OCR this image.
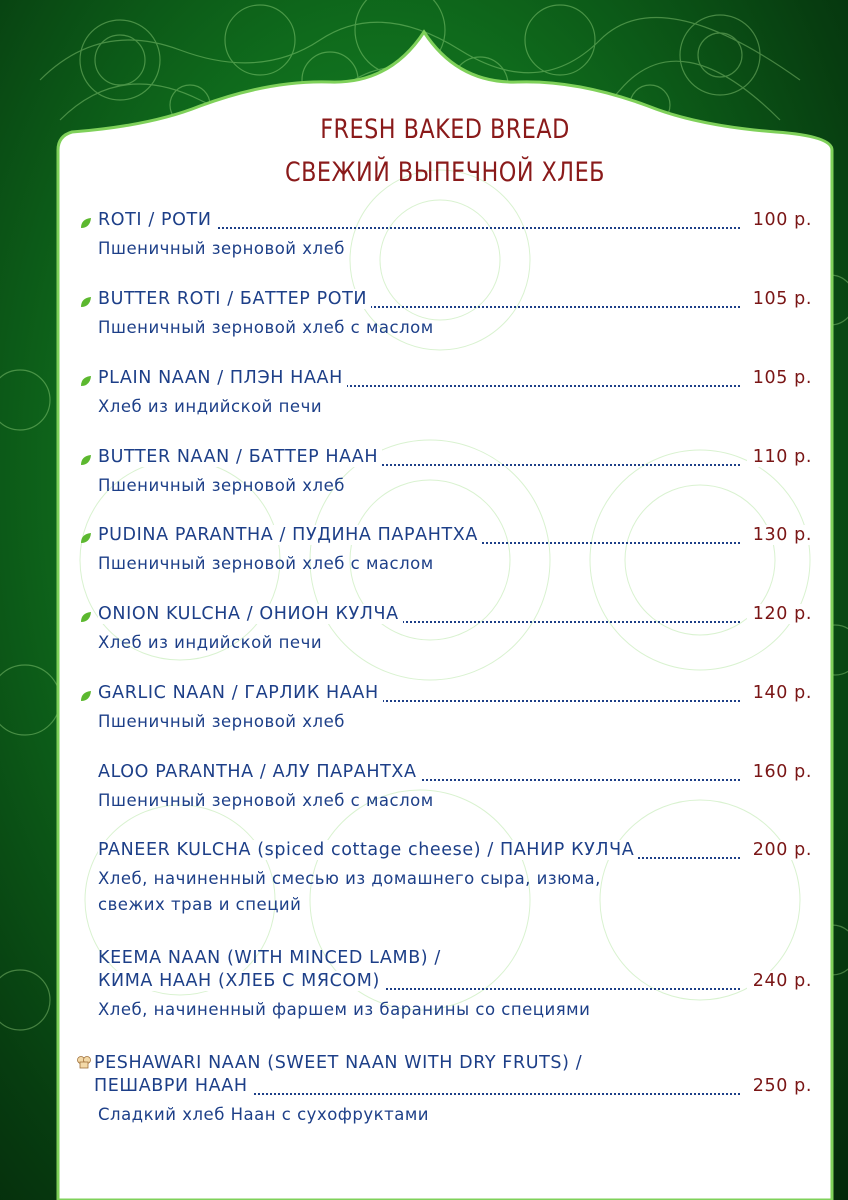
FRESH BAKED BREAD
СВЕЖИЙ ВЫПЕЧНОЙ ХЛЕБ
ROTI / РОТИ	100 р.
Пшеничный зерновой хлеб
BUTTER ROTI / БАТТЕР РОТИ	105 р.
Пшеничный зерновой хлеб с маслом
PLAIN NAAN / ПЛЭН НААН	105 р.
Хлеб из индийской печи
BUTTER NAAN / БАТТЕР НААН	110 р.
Пшеничный зерновой хлеб
PUDINA PARANTHA / ПУДИНА ПАРАНТХА	130 р.
Пшеничный зерновой хлеб с маслом
ONION KULCHA / ОНИОН КУЛЧА	120 р.
Хлеб из индийской печи
GARLIC NAAN / ГАРЛИК НААН	140 р.
Пшеничный зерновой хлеб
ALOO PARANTHA / АЛУ ПАРАНТХА	160 р.
Пшеничный зерновой хлеб с маслом
PANEER KULCHA (spiced cottage cheese) / ПАНИР КУЛЧА	200 р.
Хлеб, начиненный смесью из домашнего сыра, изюма,
свежих трав и специй
KEEMA NAAN (WITH MINCED LAMB) /
КИМА НААН (ХЛЕБ С МЯСОМ)	240 р.
Хлеб, начиненный фаршем из баранины со специями
PESHAWARI NAAN (SWEET NAAN WITH DRY FRUTS) /
ПЕШАВРИ НААН	250 р.
Сладкий хлеб Наан с сухофруктами
